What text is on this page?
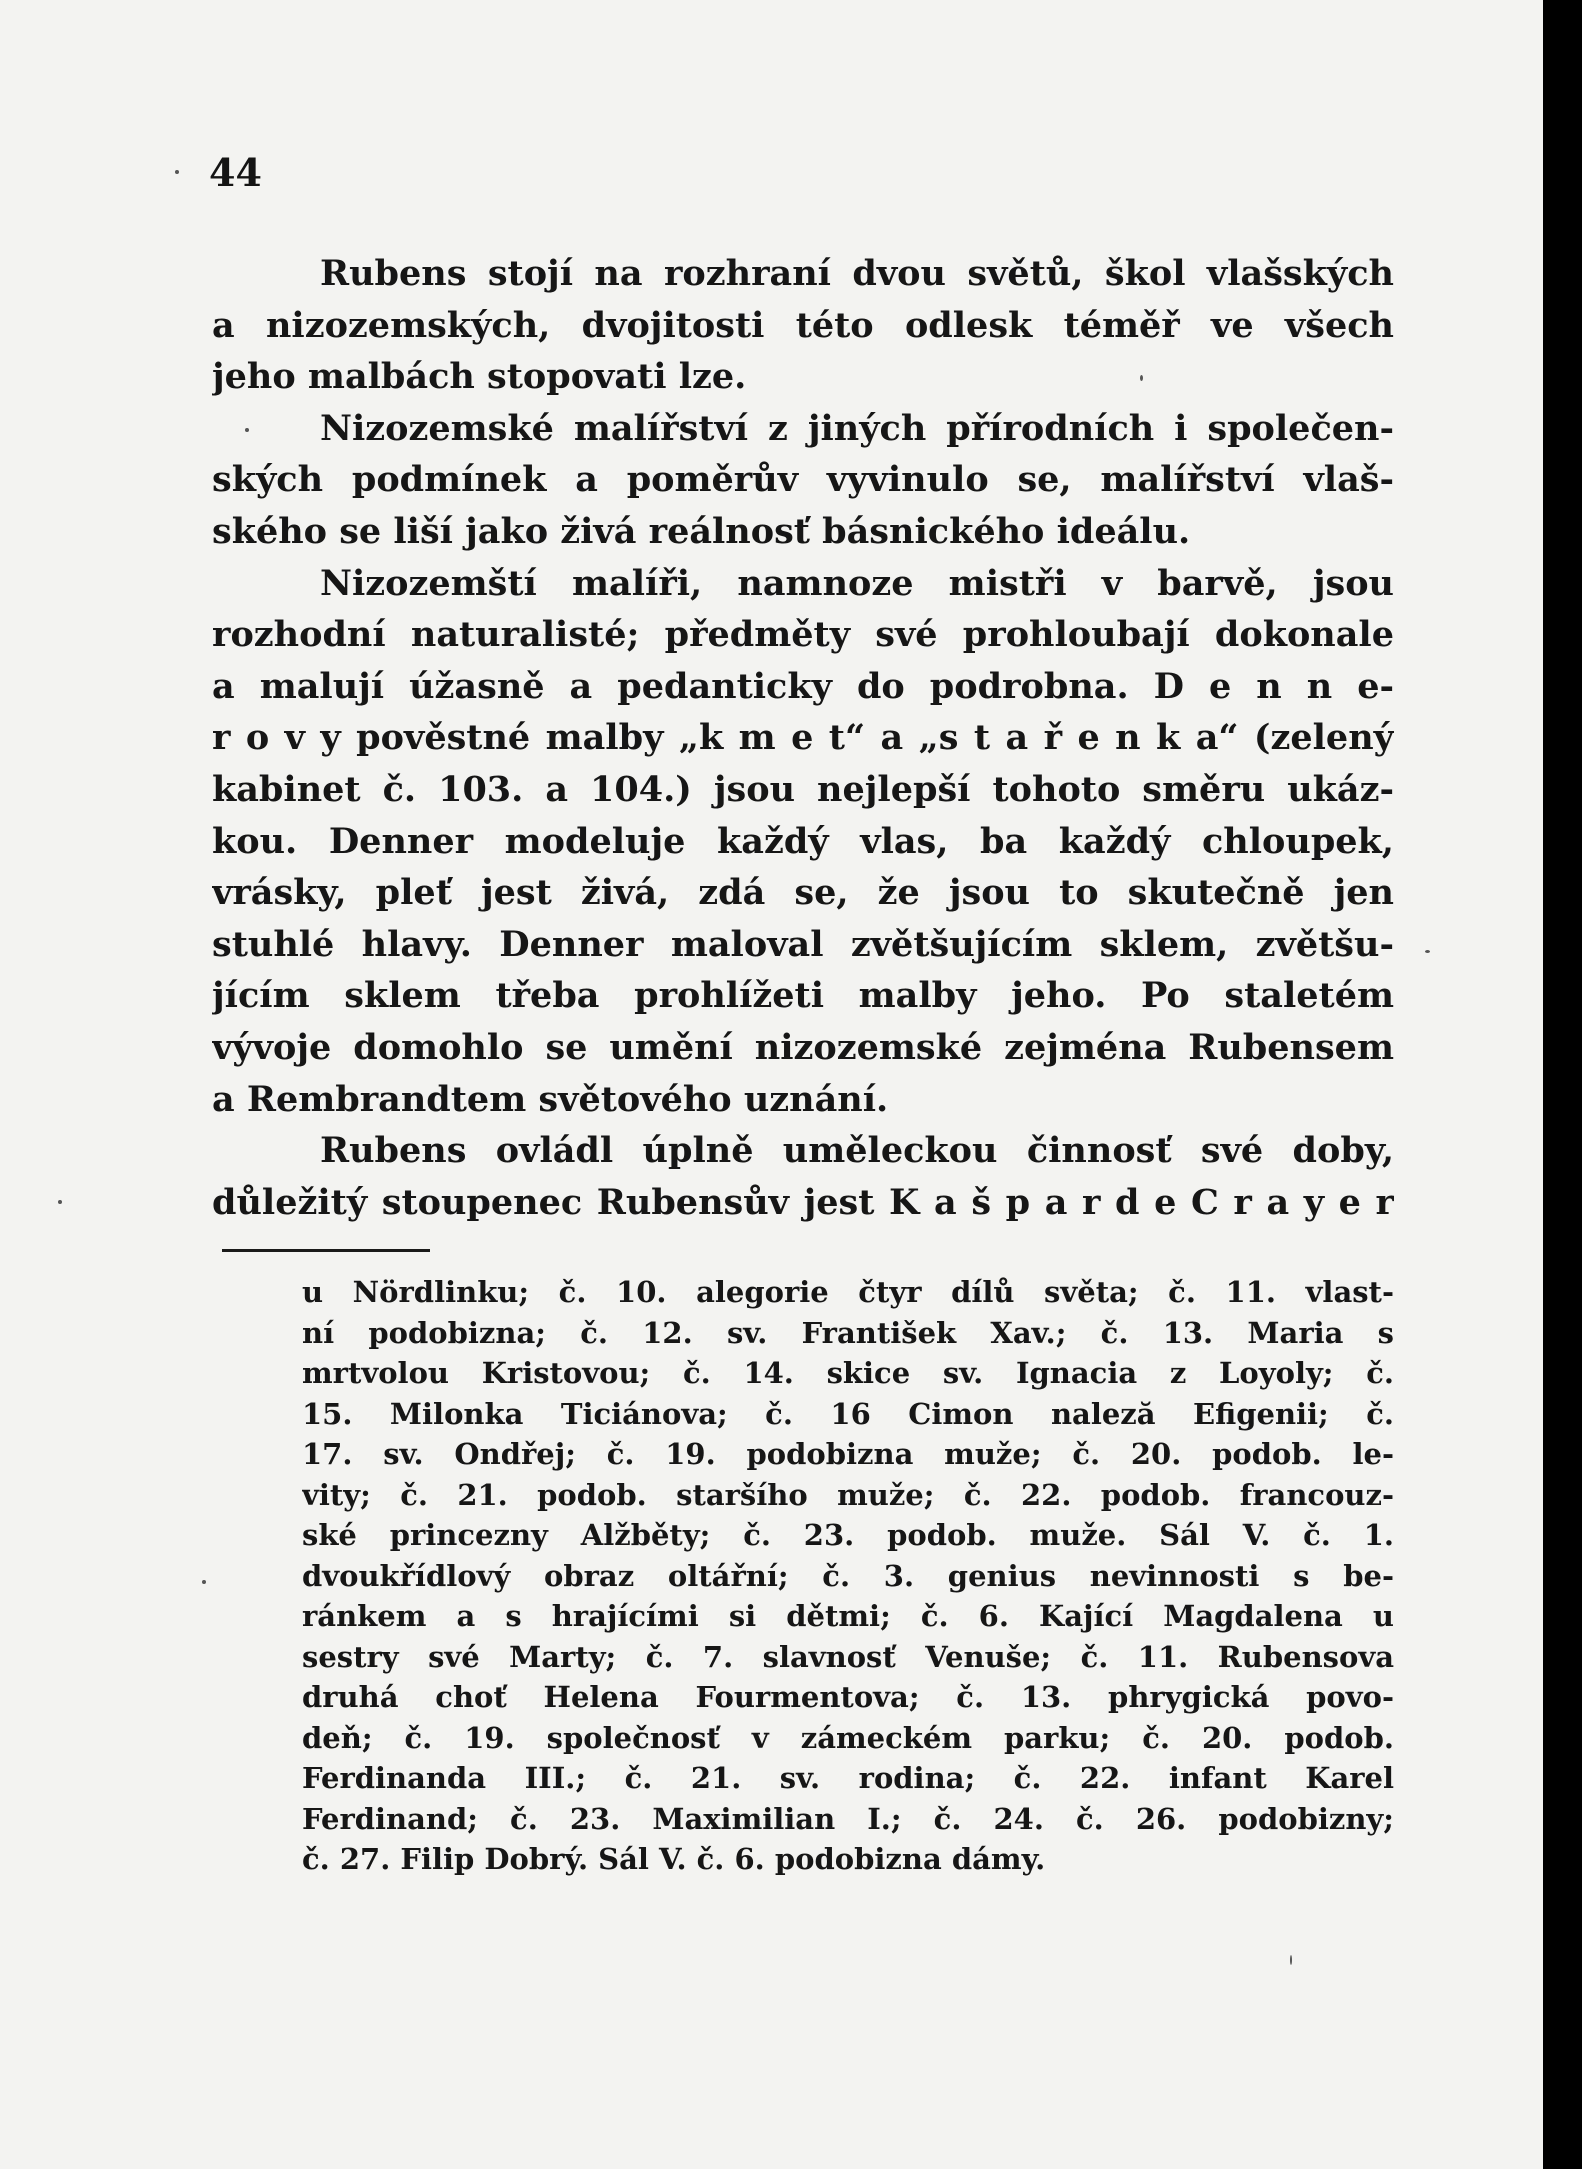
44
Rubens stojí na rozhraní dvou světů, škol vlašských
a nizozemských, dvojitosti této odlesk téměř ve všech
jeho malbách stopovati lze.
Nizozemské malířství z jiných přírodních i společen-
ských podmínek a poměrův vyvinulo se, malířství vlaš-
ského se liší jako živá reálnosť básnického ideálu.
Nizozemští malíři, namnoze mistři v barvě, jsou
rozhodní naturalisté; předměty své prohloubají dokonale
a malují úžasně a pedanticky do podrobna. D e n n e-
r o v y pověstné malby „k m e t“ a „s t a ř e n k a“ (zelený
kabinet č. 103. a 104.) jsou nejlepší tohoto směru ukáz-
kou. Denner modeluje každý vlas, ba každý chloupek,
vrásky, pleť jest živá, zdá se, že jsou to skutečně jen
stuhlé hlavy. Denner maloval zvětšujícím sklem, zvětšu-
jícím sklem třeba prohlížeti malby jeho. Po staletém
vývoje domohlo se umění nizozemské zejména Rubensem
a Rembrandtem světového uznání.
Rubens ovládl úplně uměleckou činnosť své doby,
důležitý stoupenec Rubensův jest K a š p a r d e C r a y e r
u Nördlinku; č. 10. alegorie čtyr dílů světa; č. 11. vlast-
ní podobizna; č. 12. sv. František Xav.; č. 13. Maria s
mrtvolou Kristovou; č. 14. skice sv. Ignacia z Loyoly; č.
15. Milonka Ticiánova; č. 16 Cimon naleză Efigenii; č.
17. sv. Ondřej; č. 19. podobizna muže; č. 20. podob. le-
vity; č. 21. podob. staršího muže; č. 22. podob. francouz-
ské princezny Alžběty; č. 23. podob. muže. Sál V. č. 1.
dvoukřídlový obraz oltářní; č. 3. genius nevinnosti s be-
ránkem a s hrajícími si dětmi; č. 6. Kající Magdalena u
sestry své Marty; č. 7. slavnosť Venuše; č. 11. Rubensova
druhá choť Helena Fourmentova; č. 13. phrygická povo-
deň; č. 19. společnosť v zámeckém parku; č. 20. podob.
Ferdinanda III.; č. 21. sv. rodina; č. 22. infant Karel
Ferdinand; č. 23. Maximilian I.; č. 24. č. 26. podobizny;
č. 27. Filip Dobrý. Sál V. č. 6. podobizna dámy.
